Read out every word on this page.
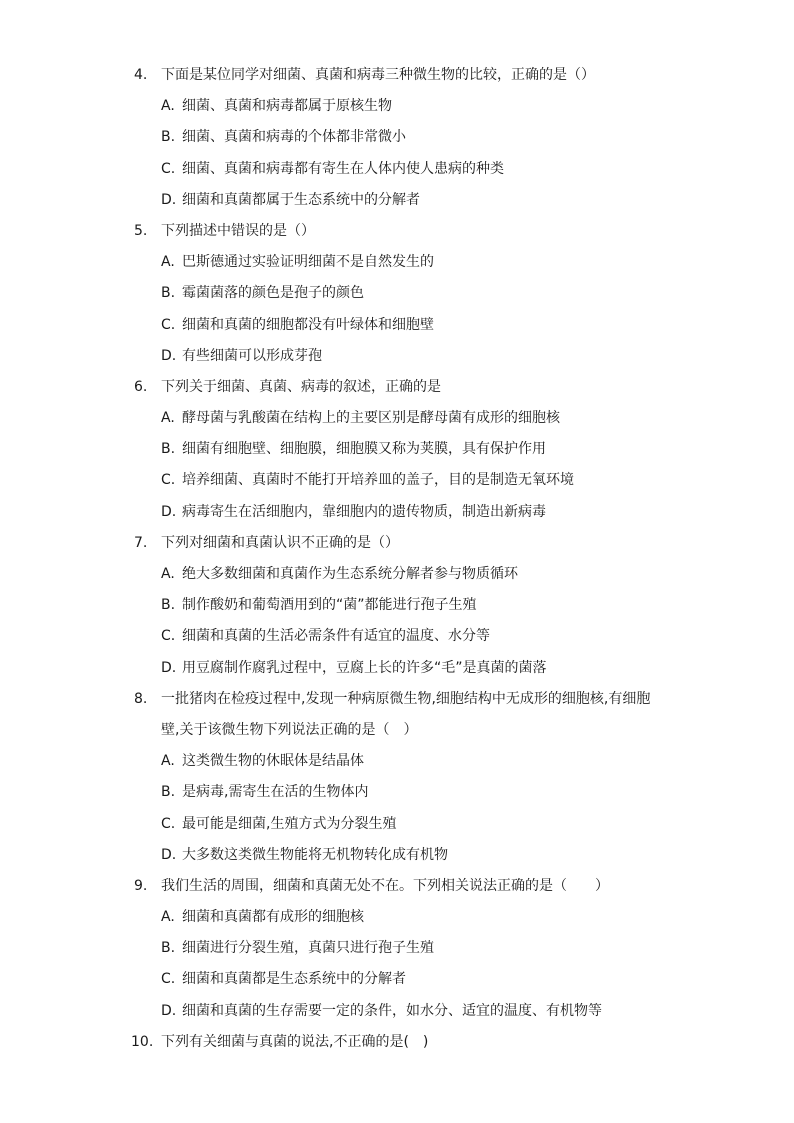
4. 下面是某位同学对细菌、真菌和病毒三种微生物的比较，正确的是（）
A. 细菌、真菌和病毒都属于原核生物
B. 细菌、真菌和病毒的个体都非常微小
C. 细菌、真菌和病毒都有寄生在人体内使人患病的种类
D. 细菌和真菌都属于生态系统中的分解者
5. 下列描述中错误的是（）
A. 巴斯德通过实验证明细菌不是自然发生的
B. 霉菌菌落的颜色是孢子的颜色
C. 细菌和真菌的细胞都没有叶绿体和细胞壁
D. 有些细菌可以形成芽孢
6. 下列关于细菌、真菌、病毒的叙述，正确的是
A. 酵母菌与乳酸菌在结构上的主要区别是酵母菌有成形的细胞核
B. 细菌有细胞壁、细胞膜，细胞膜又称为荚膜，具有保护作用
C. 培养细菌、真菌时不能打开培养皿的盖子，目的是制造无氧环境
D. 病毒寄生在活细胞内，靠细胞内的遗传物质，制造出新病毒
7. 下列对细菌和真菌认识不正确的是（）
A. 绝大多数细菌和真菌作为生态系统分解者参与物质循环
B. 制作酸奶和葡萄酒用到的“菌”都能进行孢子生殖
C. 细菌和真菌的生活必需条件有适宜的温度、水分等
D. 用豆腐制作腐乳过程中，豆腐上长的许多“毛”是真菌的菌落
8. 一批猪肉在检疫过程中,发现一种病原微生物,细胞结构中无成形的细胞核,有细胞
壁,关于该微生物下列说法正确的是（　）
A. 这类微生物的休眠体是结晶体
B. 是病毒,需寄生在活的生物体内
C. 最可能是细菌,生殖方式为分裂生殖
D. 大多数这类微生物能将无机物转化成有机物
9. 我们生活的周围，细菌和真菌无处不在。下列相关说法正确的是（　　）
A. 细菌和真菌都有成形的细胞核
B. 细菌进行分裂生殖，真菌只进行孢子生殖
C. 细菌和真菌都是生态系统中的分解者
D. 细菌和真菌的生存需要一定的条件，如水分、适宜的温度、有机物等
10. 下列有关细菌与真菌的说法,不正确的是(　)
